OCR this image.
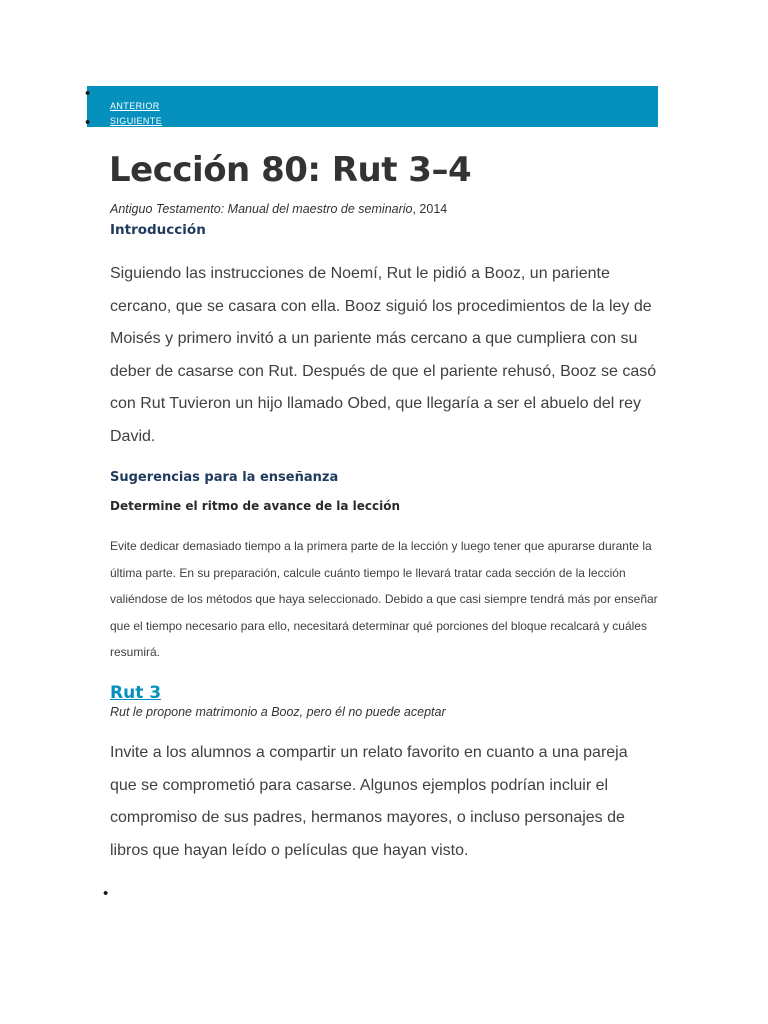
•
ANTERIOR
• SIGUIENTE
Lección 80: Rut 3–4
Antiguo Testamento: Manual del maestro de seminario, 2014
Introducción

Siguiendo las instrucciones de Noemí, Rut le pidió a Booz, un pariente cercano, que se casara con ella. Booz siguió los procedimientos de la ley de Moisés y primero invitó a un pariente más cercano a que cumpliera con su deber de casarse con Rut. Después de que el pariente rehusó, Booz se casó con Rut Tuvieron un hijo llamado Obed, que llegaría a ser el abuelo del rey David.

Sugerencias para la enseñanza
Determine el ritmo de avance de la lección

Evite dedicar demasiado tiempo a la primera parte de la lección y luego tener que apurarse durante la última parte. En su preparación, calcule cuánto tiempo le llevará tratar cada sección de la lección valiéndose de los métodos que haya seleccionado. Debido a que casi siempre tendrá más por enseñar que el tiempo necesario para ello, necesitará determinar qué porciones del bloque recalcará y cuáles resumirá.

Rut 3
Rut le propone matrimonio a Booz, pero él no puede aceptar

Invite a los alumnos a compartir un relato favorito en cuanto a una pareja que se comprometió para casarse. Algunos ejemplos podrían incluir el compromiso de sus padres, hermanos mayores, o incluso personajes de libros que hayan leído o películas que hayan visto.

•
